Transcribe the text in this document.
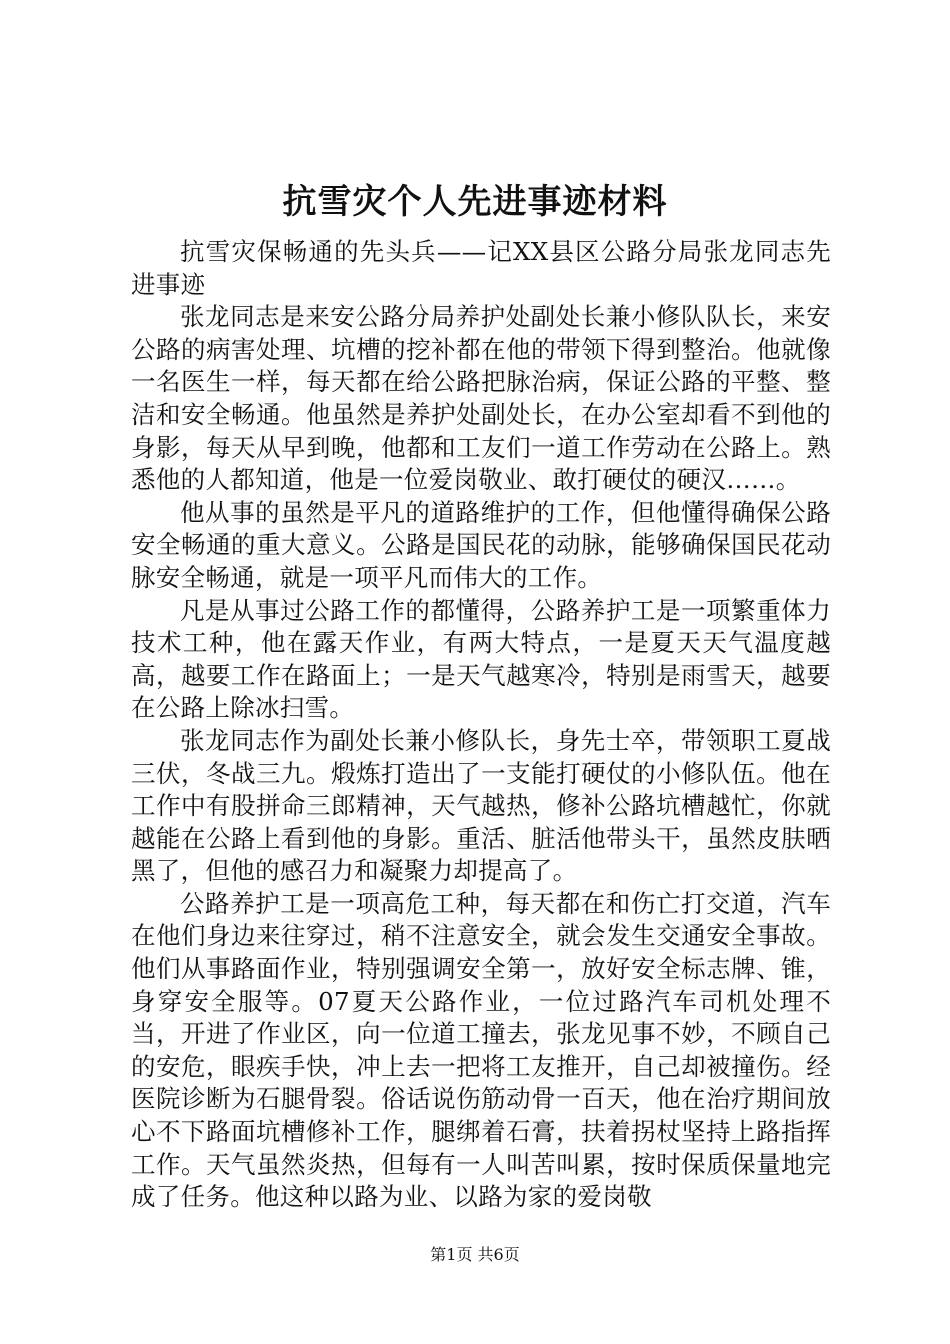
抗雪灾个人先进事迹材料

抗雪灾保畅通的先头兵——记XX县区公路分局张龙同志先进事迹

张龙同志是来安公路分局养护处副处长兼小修队队长，来安公路的病害处理、坑槽的挖补都在他的带领下得到整治。他就像一名医生一样，每天都在给公路把脉治病，保证公路的平整、整洁和安全畅通。他虽然是养护处副处长，在办公室却看不到他的身影，每天从早到晚，他都和工友们一道工作劳动在公路上。熟悉他的人都知道，他是一位爱岗敬业、敢打硬仗的硬汉……。

他从事的虽然是平凡的道路维护的工作，但他懂得确保公路安全畅通的重大意义。公路是国民花的动脉，能够确保国民花动脉安全畅通，就是一项平凡而伟大的工作。

凡是从事过公路工作的都懂得，公路养护工是一项繁重体力技术工种，他在露天作业，有两大特点，一是夏天天气温度越高，越要工作在路面上；一是天气越寒冷，特别是雨雪天，越要在公路上除冰扫雪。

张龙同志作为副处长兼小修队长，身先士卒，带领职工夏战三伏，冬战三九。煅炼打造出了一支能打硬仗的小修队伍。他在工作中有股拼命三郎精神，天气越热，修补公路坑槽越忙，你就越能在公路上看到他的身影。重活、脏活他带头干，虽然皮肤晒黑了，但他的感召力和凝聚力却提高了。

公路养护工是一项高危工种，每天都在和伤亡打交道，汽车在他们身边来往穿过，稍不注意安全，就会发生交通安全事故。他们从事路面作业，特别强调安全第一，放好安全标志牌、锥，身穿安全服等。07夏天公路作业，一位过路汽车司机处理不当，开进了作业区，向一位道工撞去，张龙见事不妙，不顾自己的安危，眼疾手快，冲上去一把将工友推开，自己却被撞伤。经医院诊断为石腿骨裂。俗话说伤筋动骨一百天，他在治疗期间放心不下路面坑槽修补工作，腿绑着石膏，扶着拐杖坚持上路指挥工作。天气虽然炎热，但每有一人叫苦叫累，按时保质保量地完成了任务。他这种以路为业、以路为家的爱岗敬

第1页 共6页
